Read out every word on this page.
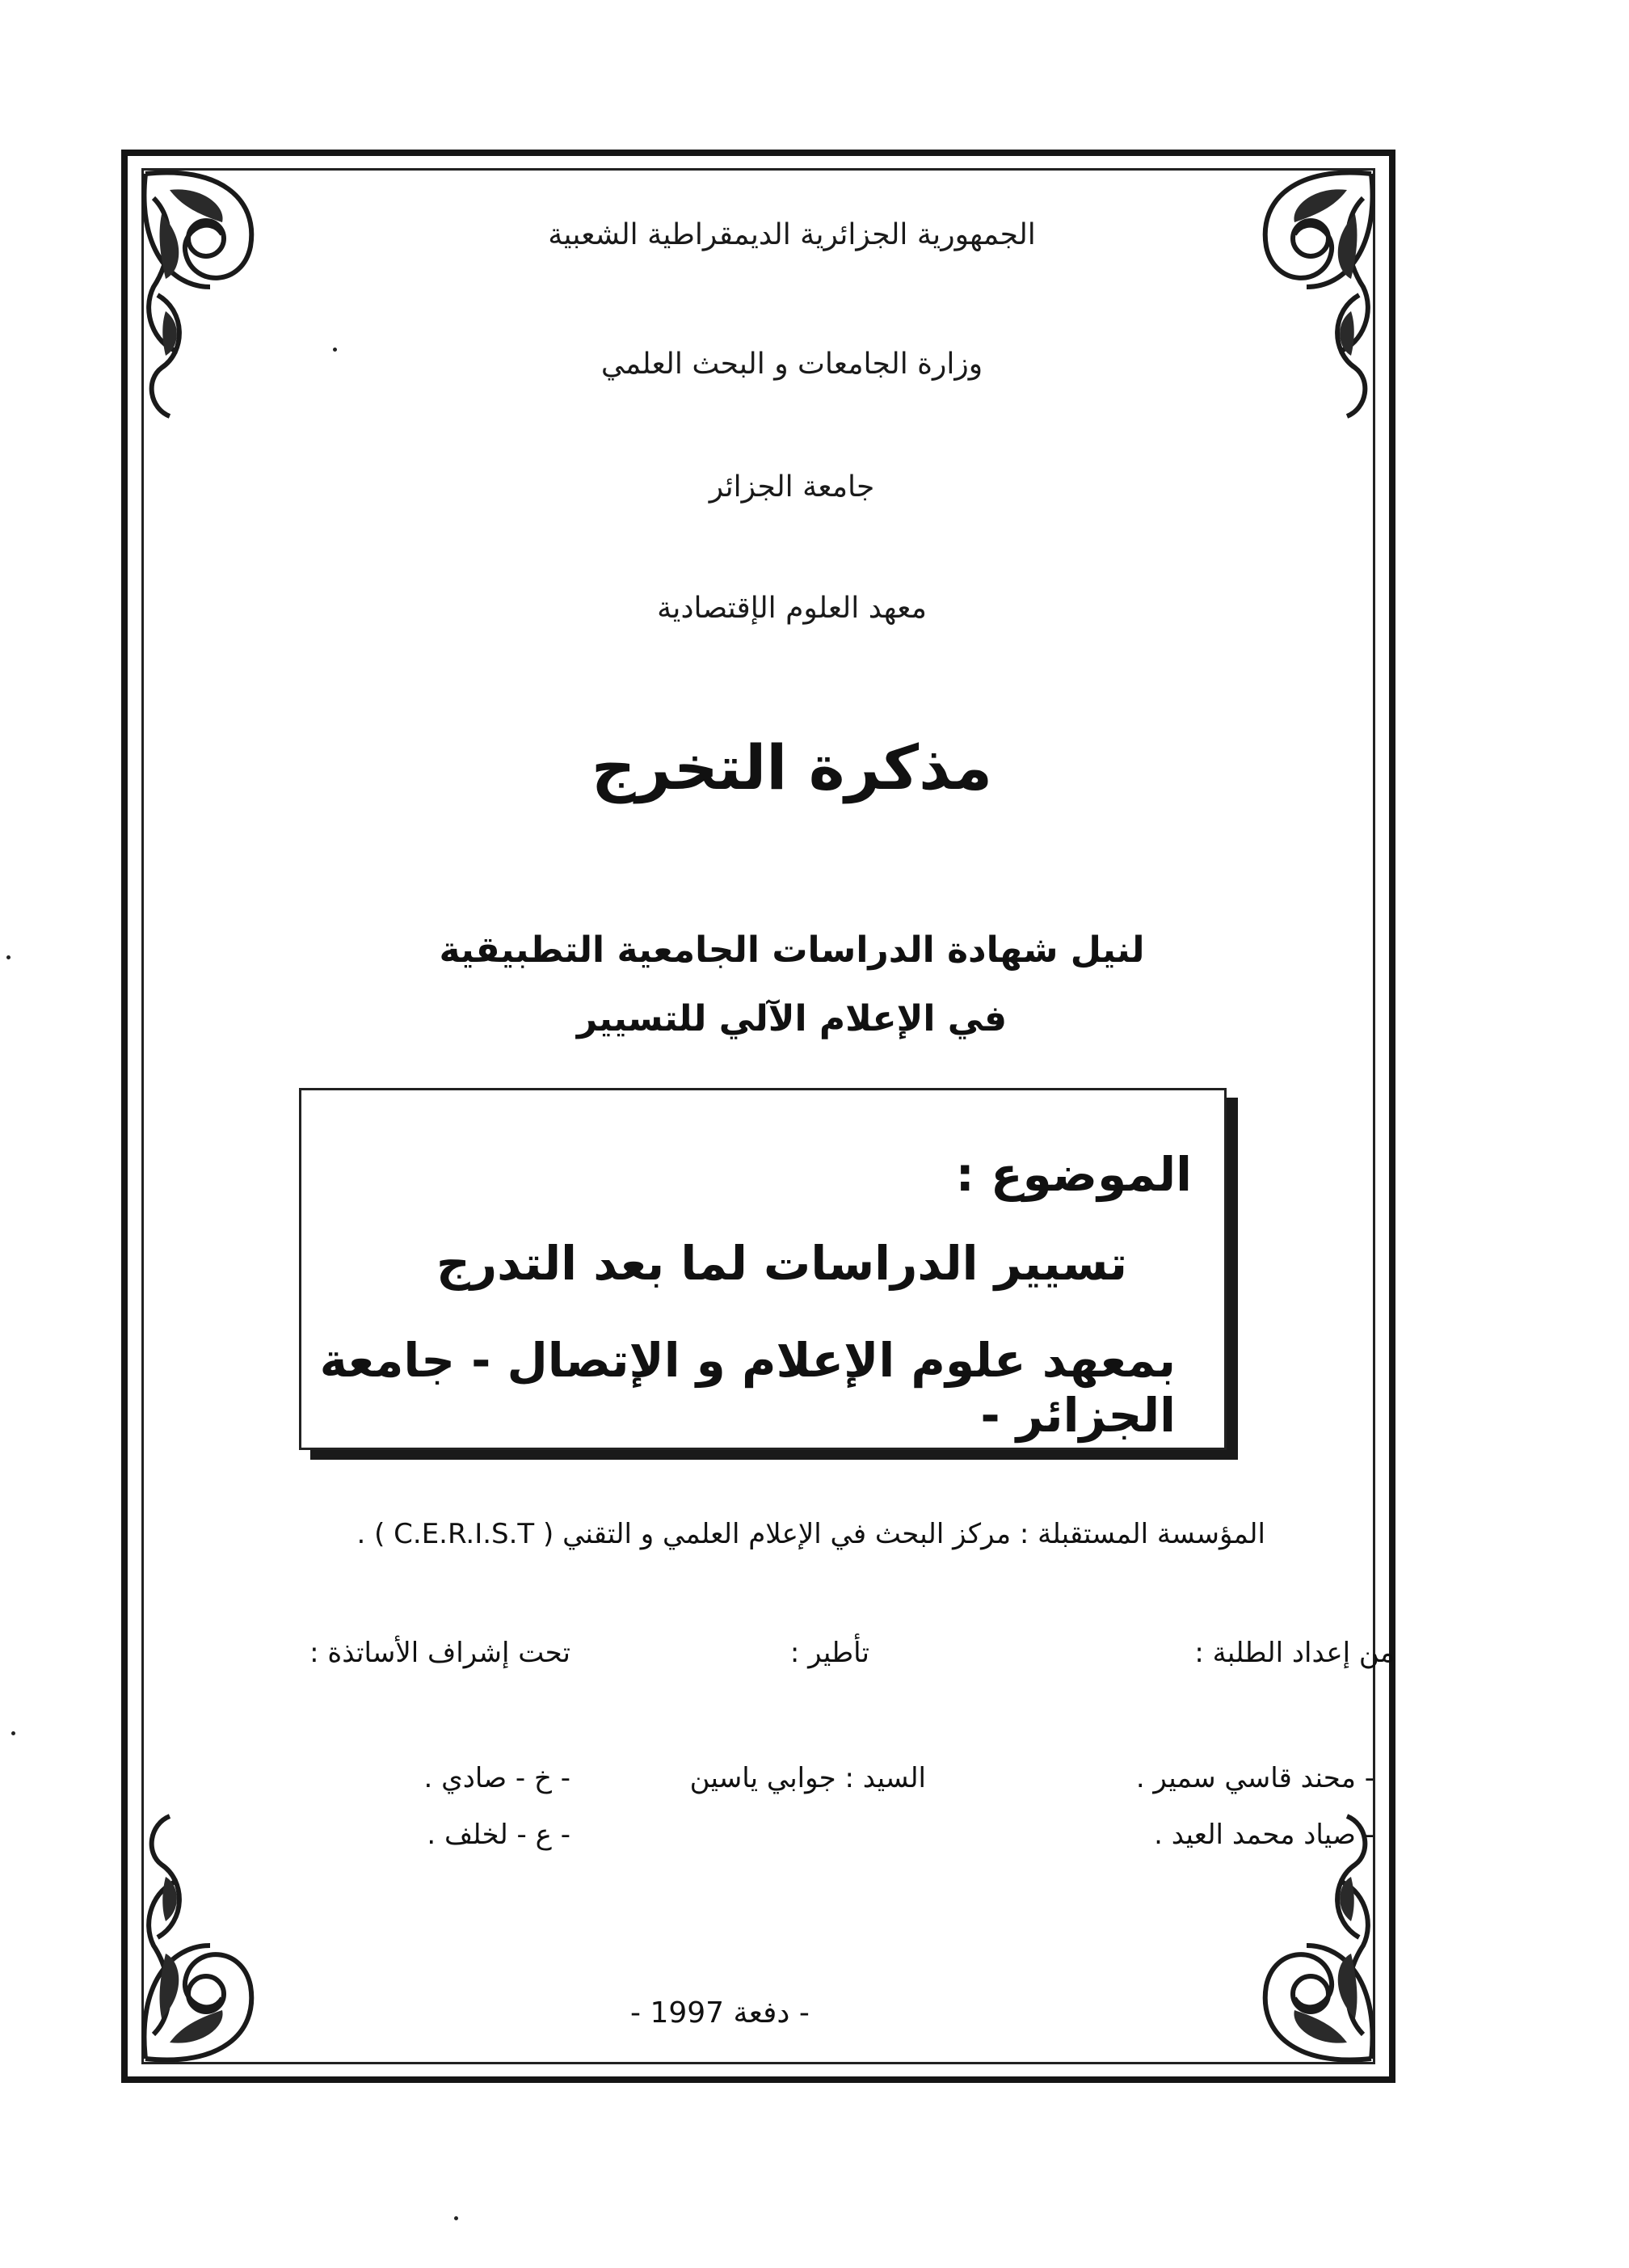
الجمهورية الجزائرية الديمقراطية الشعبية
وزارة الجامعات و البحث العلمي
جامعة الجزائر
معهد العلوم الإقتصادية
مذكرة التخرج
لنيل شهادة الدراسات الجامعية التطبيقية
في الإعلام الآلي للتسيير
الموضوع :
تسيير الدراسات لما بعد التدرج
بمعهد علوم الإعلام و الإتصال - جامعة الجزائر -
المؤسسة المستقبلة : مركز البحث في الإعلام العلمي و التقني ( C.E.R.I.S.T ) .
من إعداد الطلبة :
تأطير :
تحت إشراف الأساتذة :
- محند قاسي سمير .
- صياد محمد العيد .
السيد : جوابي ياسين
- خ - صادي .
- ع - لخلف .
- دفعة 1997 -
